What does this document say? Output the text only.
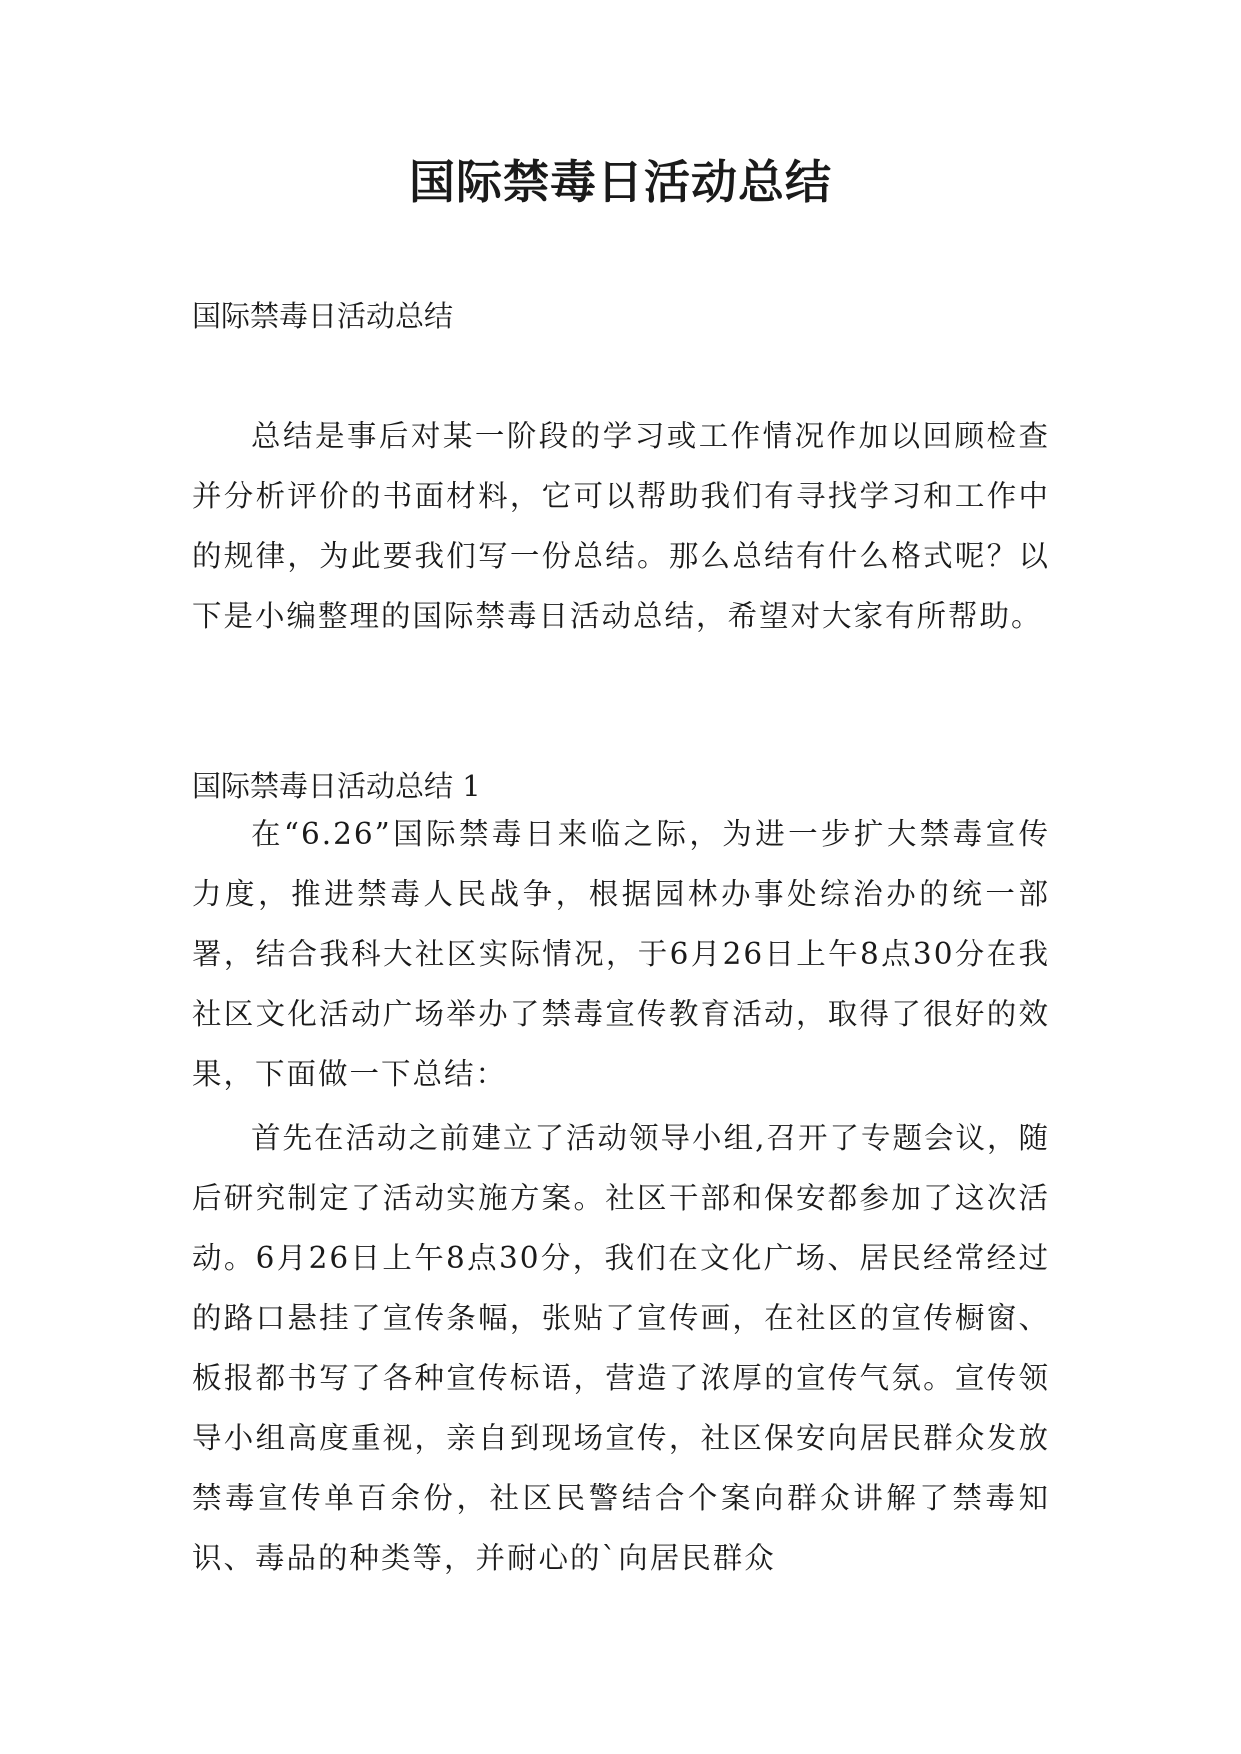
国际禁毒日活动总结
国际禁毒日活动总结

总结是事后对某一阶段的学习或工作情况作加以回顾检查并分析评价的书面材料，它可以帮助我们有寻找学习和工作中的规律，为此要我们写一份总结。那么总结有什么格式呢？以下是小编整理的国际禁毒日活动总结，希望对大家有所帮助。

国际禁毒日活动总结 1

在“6.26”国际禁毒日来临之际，为进一步扩大禁毒宣传力度，推进禁毒人民战争，根据园林办事处综治办的统一部署，结合我科大社区实际情况，于6月26日上午8点30分在我社区文化活动广场举办了禁毒宣传教育活动，取得了很好的效果，下面做一下总结：

首先在活动之前建立了活动领导小组,召开了专题会议，随后研究制定了活动实施方案。社区干部和保安都参加了这次活动。6月26日上午8点30分，我们在文化广场、居民经常经过的路口悬挂了宣传条幅，张贴了宣传画，在社区的宣传橱窗、板报都书写了各种宣传标语，营造了浓厚的宣传气氛。宣传领导小组高度重视，亲自到现场宣传，社区保安向居民群众发放禁毒宣传单百余份，社区民警结合个案向群众讲解了禁毒知识、毒品的种类等，并耐心的`向居民群众
